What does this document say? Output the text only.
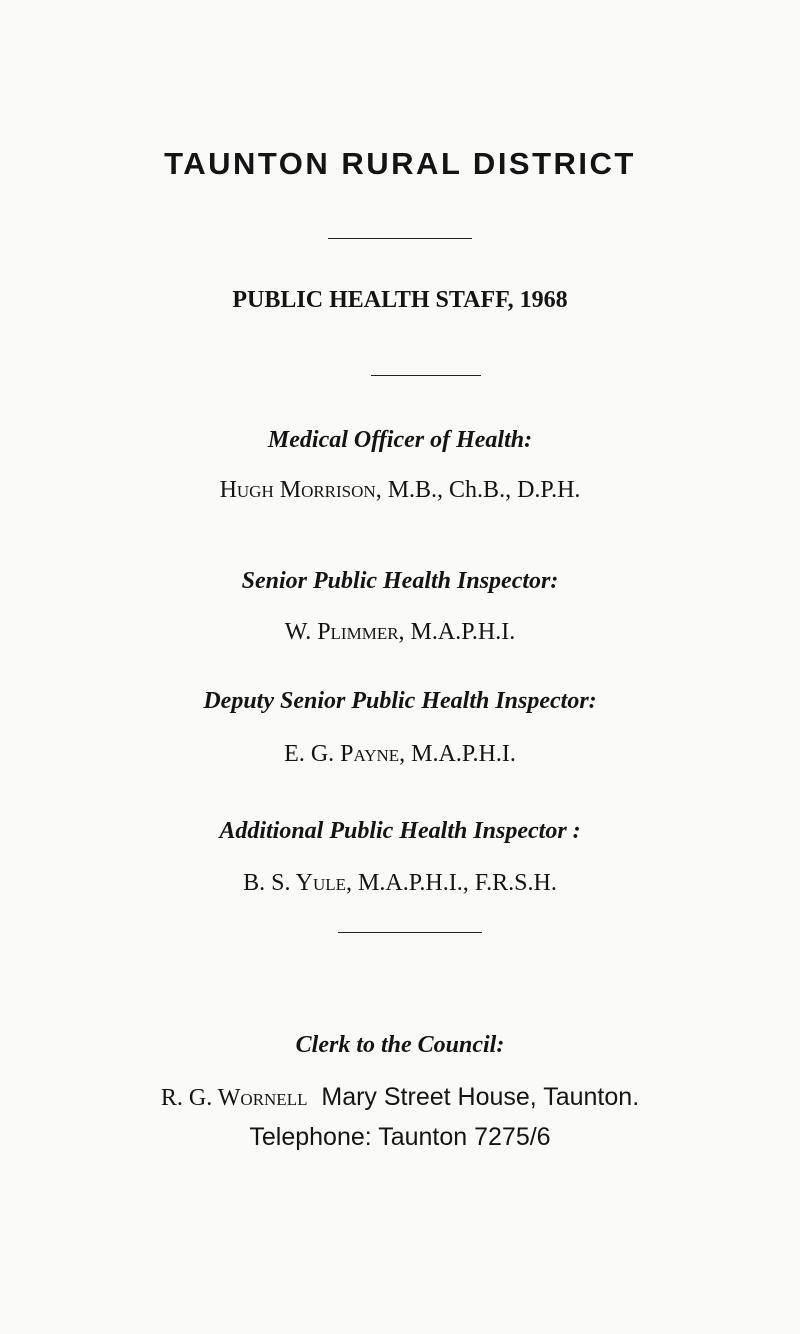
TAUNTON RURAL DISTRICT
PUBLIC HEALTH STAFF, 1968
Medical Officer of Health:
Hugh Morrison, M.B., Ch.B., D.P.H.
Senior Public Health Inspector:
W. Plimmer, M.A.P.H.I.
Deputy Senior Public Health Inspector:
E. G. Payne, M.A.P.H.I.
Additional Public Health Inspector :
B. S. Yule, M.A.P.H.I., F.R.S.H.
Clerk to the Council:
R. G. Wornell Mary Street House, Taunton.
Telephone: Taunton 7275/6
